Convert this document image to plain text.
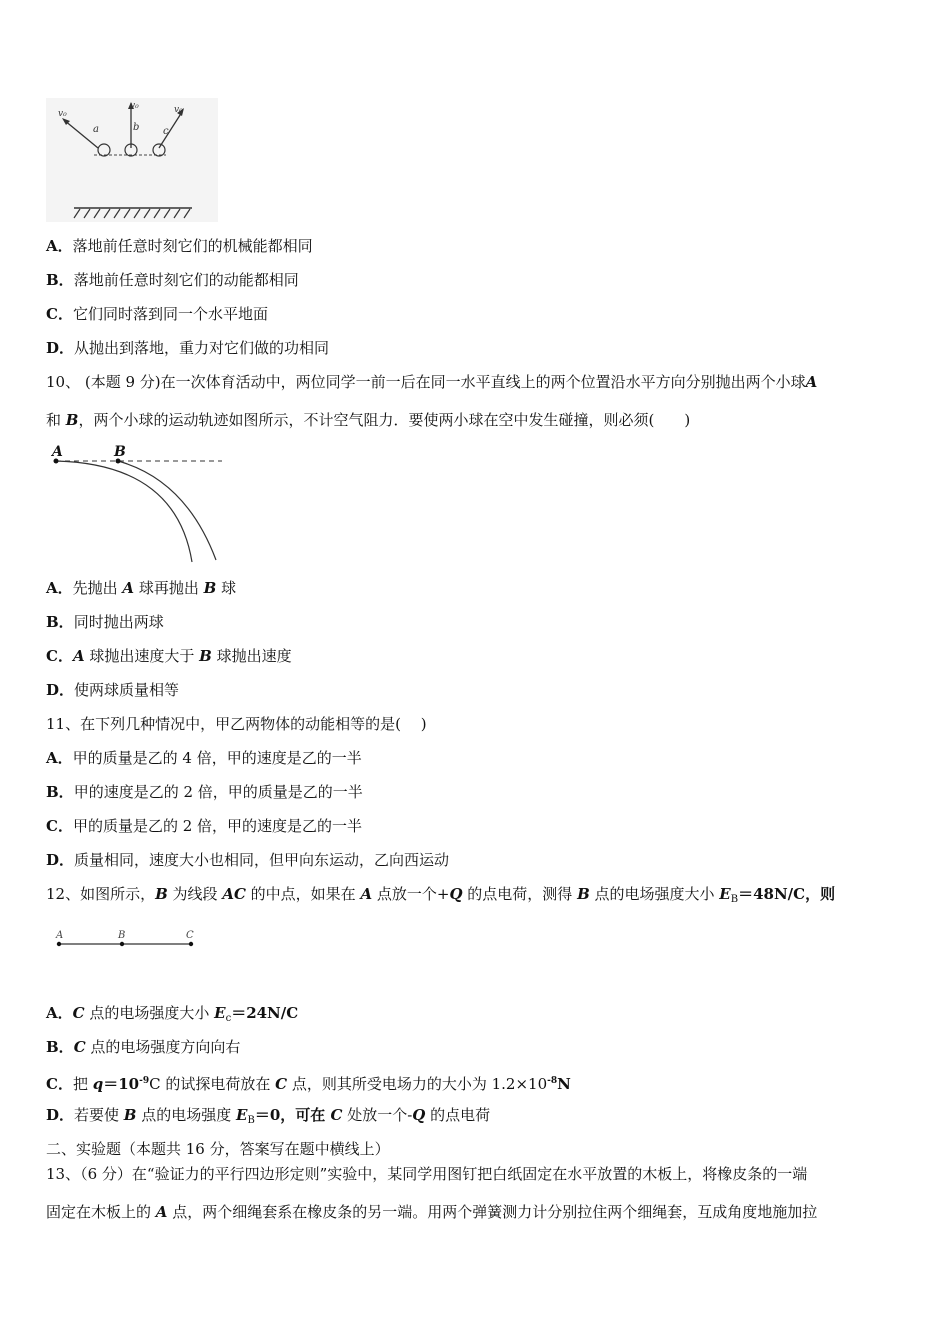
v₀
v₀	v₀
a	b c
A．落地前任意时刻它们的机械能都相同
B．落地前任意时刻它们的动能都相同
C．它们同时落到同一个水平地面
D．从抛出到落地，重力对它们做的功相同
10、 (本题 9 分)在一次体育活动中，两位同学一前一后在同一水平直线上的两个位置沿水平方向分别抛出两个小球A
和 B，两个小球的运动轨迹如图所示，不计空气阻力．要使两小球在空中发生碰撞，则必须(　　)
A	B
A．先抛出 A 球再抛出 B 球
B．同时抛出两球
C．A 球抛出速度大于 B 球抛出速度
D．使两球质量相等
11、在下列几种情况中，甲乙两物体的动能相等的是(　 )
A．甲的质量是乙的 4 倍，甲的速度是乙的一半
B．甲的速度是乙的 2 倍，甲的质量是乙的一半
C．甲的质量是乙的 2 倍，甲的速度是乙的一半
D．质量相同，速度大小也相同，但甲向东运动，乙向西运动
12、如图所示，B 为线段 AC 的中点，如果在 A 点放一个+Q 的点电荷，测得 B 点的电场强度大小 $E_B=48N/C$，则
A	B	C
A．C 点的电场强度大小 $E_c=24N/C$
B．C 点的电场强度方向向右
C．把 $q=10^{-9}C$ 的试探电荷放在 C 点，则其所受电场力的大小为 $1.2\times 10^{-8}N$
D．若要使 B 点的电场强度 $E_B=0$，可在 C 处放一个-Q 的点电荷
二、实验题（本题共 16 分，答案写在题中横线上）
13、（6 分）在“验证力的平行四边形定则”实验中，某同学用图钉把白纸固定在水平放置的木板上，将橡皮条的一端
固定在木板上的 A 点，两个细绳套系在橡皮条的另一端。用两个弹簧测力计分别拉住两个细绳套，互成角度地施加拉
